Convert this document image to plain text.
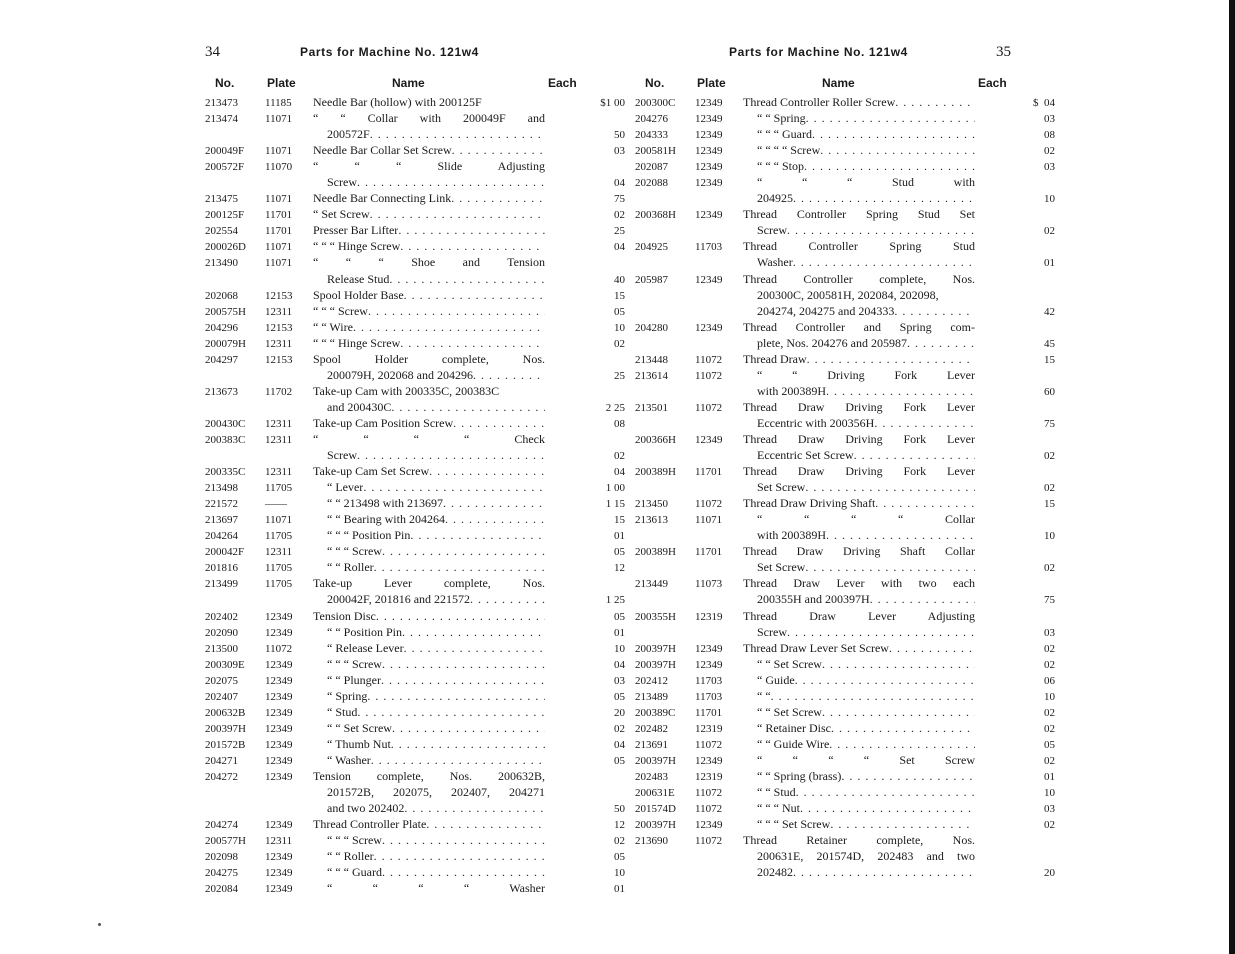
34	Parts for Machine No. 121w4
No.	Plate	Name	Each
213473	11185	Needle Bar (hollow) with 200125F	$1 00
213474	11071	“ “ Collar with 200049F and
200572F . . .	50
200049F	11071	Needle Bar Collar Set Screw . . .	03
200572F	11070	“ “ “ Slide Adjusting
Screw . . .	04
213475	11071	Needle Bar Connecting Link . . .	75
200125F	11701	“ Set Screw . . .	02
202554	11701	Presser Bar Lifter . . .	25
200026D	11071	“ “ “ Hinge Screw . . .	04
213490	11071	“ “ “ Shoe and Tension
Release Stud . . .	40
202068	12153	Spool Holder Base . . .	15
200575H	12311	“ “ “ Screw . . .	05
204296	12153	“ “ Wire . . .	10
200079H	12311	“ “ “ Hinge Screw . . .	02
204297	12153	Spool Holder complete, Nos.
200079H, 202068 and 204296 . . .	25
213673	11702	Take-up Cam with 200335C, 200383C
and 200430C . . .	2 25
200430C	12311	Take-up Cam Position Screw . . .	08
200383C	12311	“ “ “ “ Check
Screw . . .	02
200335C	12311	Take-up Cam Set Screw . . .	04
213498	11705	“ Lever . . .	1 00
221572	——	“ “ 213498 with 213697 . . .	1 15
213697	11071	“ “ Bearing with 204264 . . .	15
204264	11705	“ “ “ Position Pin . . .	01
200042F	12311	“ “ “ Screw . . .	05
201816	11705	“ “ Roller . . .	12
213499	11705	Take-up Lever complete, Nos.
200042F, 201816 and 221572 . . .	1 25
202402	12349	Tension Disc . . .	05
202090	12349	“ “ Position Pin . . .	01
213500	11072	“ Release Lever . . .	10
200309E	12349	“ “ “ Screw . . .	04
202075	12349	“ “ Plunger . . .	03
202407	12349	“ Spring . . .	05
200632B	12349	“ Stud . . .	20
200397H	12349	“ “ Set Screw . . .	02
201572B	12349	“ Thumb Nut . . .	04
204271	12349	“ Washer . . .	05
204272	12349	Tension complete, Nos. 200632B,
201572B, 202075, 202407, 204271
and two 202402 . . .	50
204274	12349	Thread Controller Plate . . .	12
200577H	12311	“ “ “ Screw . . .	02
202098	12349	“ “ Roller . . .	05
204275	12349	“ “ “ Guard . . .	10
202084	12349	“ “ “ “ Washer	01
Parts for Machine No. 121w4	35
No.	Plate	Name	Each
200300C	12349	Thread Controller Roller Screw . . .	$  04
204276	12349	“ “ Spring . . .	03
204333	12349	“ “ “ Guard . . .	08
200581H	12349	“ “ “ “ Screw . . .	02
202087	12349	“ “ “ Stop . . .	03
202088	12349	“ “ “ Stud with
204925 . . .	10
200368H	12349	Thread Controller Spring Stud Set
Screw . . .	02
204925	11703	Thread Controller Spring Stud
Washer . . .	01
205987	12349	Thread Controller complete, Nos.
200300C, 200581H, 202084, 202098,
204274, 204275 and 204333 . . .	42
204280	12349	Thread Controller and Spring com-
plete, Nos. 204276 and 205987 . . .	45
213448	11072	Thread Draw . . .	15
213614	11072	“ “ Driving Fork Lever
with 200389H . . .	60
213501	11072	Thread Draw Driving Fork Lever
Eccentric with 200356H . . .	75
200366H	12349	Thread Draw Driving Fork Lever
Eccentric Set Screw . . .	02
200389H	11701	Thread Draw Driving Fork Lever
Set Screw . . .	02
213450	11072	Thread Draw Driving Shaft . . .	15
213613	11071	“ “ “ “ Collar
with 200389H . . .	10
200389H	11701	Thread Draw Driving Shaft Collar
Set Screw . . .	02
213449	11073	Thread Draw Lever with two each
200355H and 200397H . . .	75
200355H	12319	Thread Draw Lever Adjusting
Screw . . .	03
200397H	12349	Thread Draw Lever Set Screw . . .	02
200397H	12349	“ “ Set Screw . . .	02
202412	11703	“ Guide . . .	06
213489	11703	“ “ . . .	10
200389C	11701	“ “ Set Screw . . .	02
202482	12319	“ Retainer Disc . . .	02
213691	11072	“ “ Guide Wire . . .	05
200397H	12349	“ “ “ “ Set Screw	02
202483	12319	“ “ Spring (brass) . . .	01
200631E	11072	“ “ Stud . . .	10
201574D	11072	“ “ “ Nut . . .	03
200397H	12349	“ “ “ Set Screw . . .	02
213690	11072	Thread Retainer complete, Nos.
200631E, 201574D, 202483 and two
202482 . . .	20
